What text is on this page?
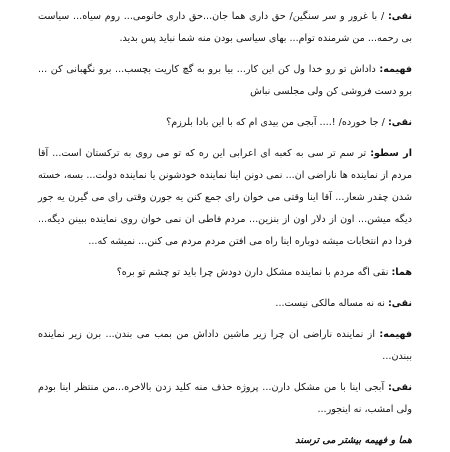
نقی: / با غرور و سر سنگین/ حق داری هما جان...حق داری خانومی... روم سیاه... سیاست بی رحمه... من شرمنده توام... بهای سیاسی بودن منه شما نباید پس بدید.

فهیمه: داداش تو رو خدا ول کن این کار... بیا برو به گچ کاریت بچسب... برو نگهبانی کن ... برو دست فروشی کن ولی مجلسی نباش

نقی: / جا خورده/ !.... آبجی من بیدی ام که با این بادا بلرزم؟

ار سطو: تر سم تر سی به کعبه ای اعرابی این ره که تو می روی به ترکستان است... آقا مردم از نماینده ها ناراضی ان... نمی دونن اینا نماینده خودشونن یا نماینده دولت... بسه، خسته شدن چقدر شعار... آقا اینا وقتی می خوان رای جمع کنن یه جورن وقتی رای می گیرن یه جور دیگه میشن... اون از دلار اون از بنزین... مردم فاطی ان نمی خوان روی نماینده ببینن دیگه... فردا دم انتخابات میشه دوباره اینا راه می افتن مردم مردم می کنن... نمیشه که...

هما: نقی اگه مردم با نماینده مشکل دارن دودش چرا باید تو چشم تو بره؟

نقی: نه نه مساله مالکی نیست...

فهیمه: از نماینده ناراضی ان چرا زیر ماشین داداش من بمب می بندن... برن زیر نماینده ببندن...

نقی: آبجی اینا با من مشکل دارن... پروژه حذف منه کلید زدن بالاخره...من منتظر اینا بودم ولی امشب، نه اینجور...

هما و فهیمه بیشتر می ترسند
